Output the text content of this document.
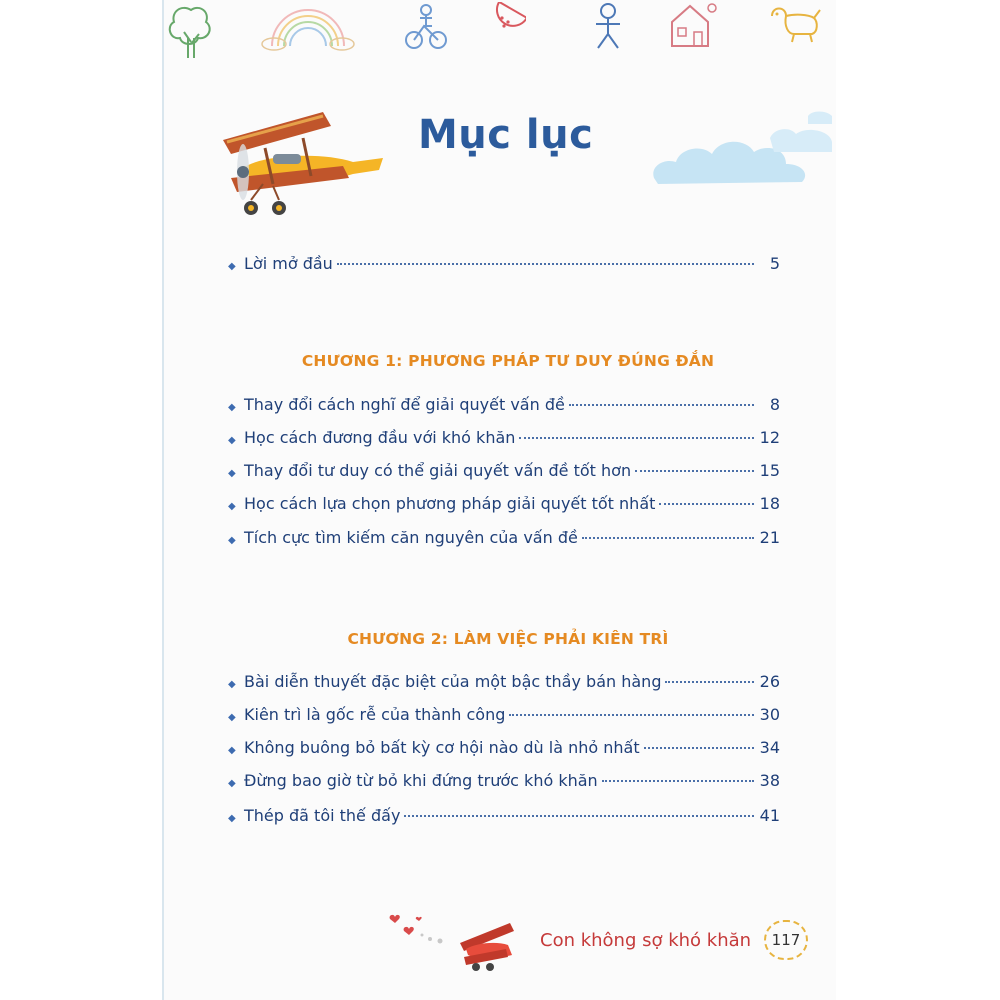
Mục lục
◆ Lời mở đầu	5
CHƯƠNG 1: PHƯƠNG PHÁP TƯ DUY ĐÚNG ĐẮN
◆ Thay đổi cách nghĩ để giải quyết vấn đề	8
◆ Học cách đương đầu với khó khăn	12
◆ Thay đổi tư duy có thể giải quyết vấn đề tốt hơn	15
◆ Học cách lựa chọn phương pháp giải quyết tốt nhất	18
◆ Tích cực tìm kiếm căn nguyên của vấn đề	21
CHƯƠNG 2: LÀM VIỆC PHẢI KIÊN TRÌ
◆ Bài diễn thuyết đặc biệt của một bậc thầy bán hàng	26
◆ Kiên trì là gốc rễ của thành công	30
◆ Không buông bỏ bất kỳ cơ hội nào dù là nhỏ nhất	34
◆ Đừng bao giờ từ bỏ khi đứng trước khó khăn	38
◆ Thép đã tôi thế đấy	41
Con không sợ khó khăn	117
